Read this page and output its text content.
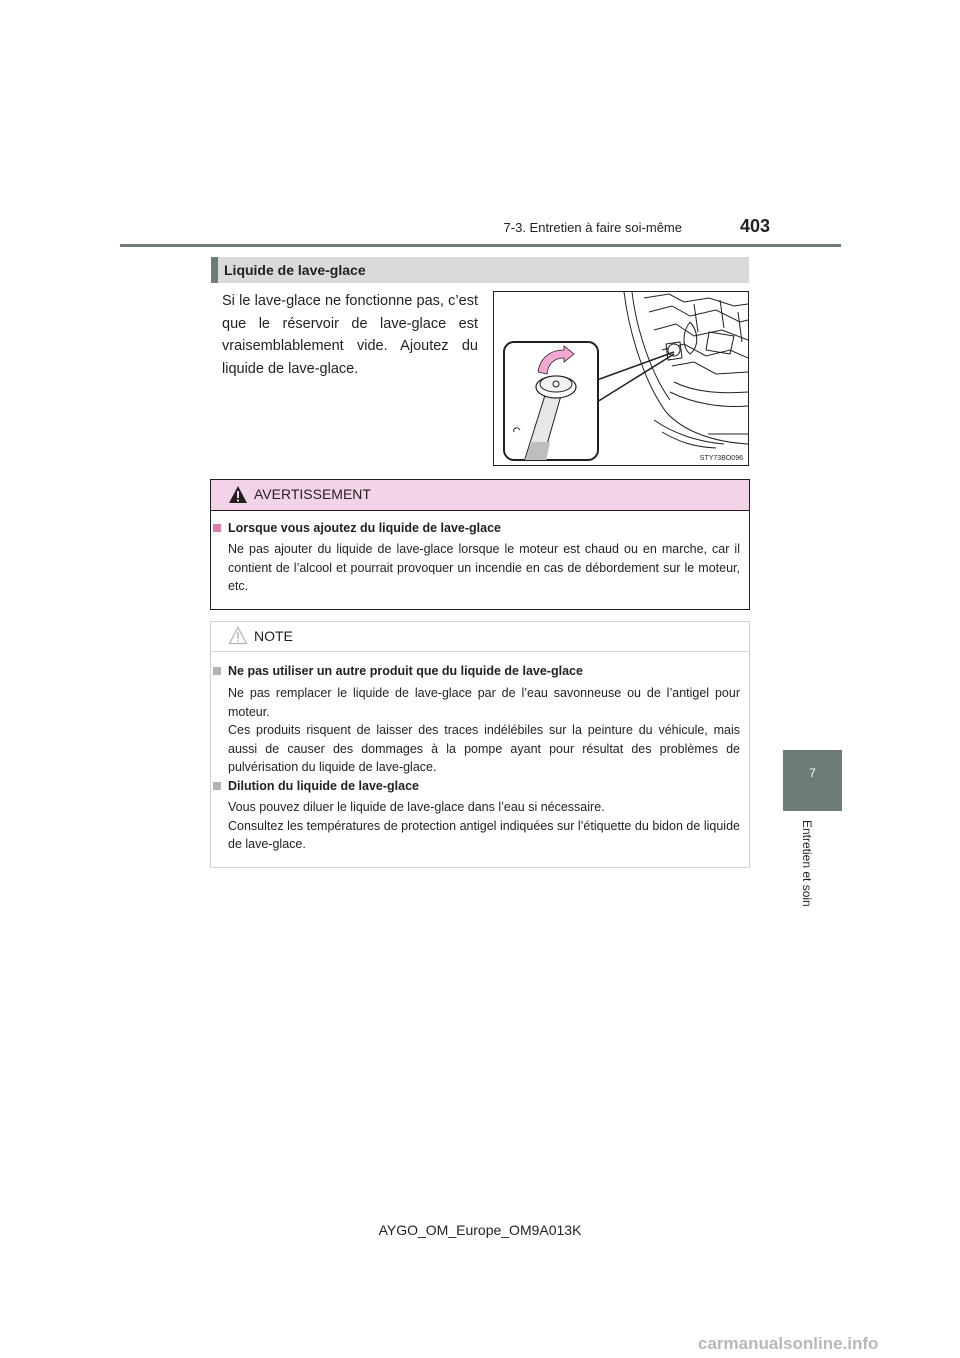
7-3. Entretien à faire soi-même	403
7
Entretien et soin
Liquide de lave-glace
Si le lave-glace ne fonctionne pas, c’est que le réservoir de lave-glace est vraisemblablement vide. Ajoutez du liquide de lave-glace.
STY73BO096
AVERTISSEMENT
Lorsque vous ajoutez du liquide de lave-glace

Ne pas ajouter du liquide de lave-glace lorsque le moteur est chaud ou en marche, car il contient de l’alcool et pourrait provoquer un incendie en cas de débordement sur le moteur, etc.

NOTE
Ne pas utiliser un autre produit que du liquide de lave-glace

Ne pas remplacer le liquide de lave-glace par de l’eau savonneuse ou de l’antigel pour moteur.

Ces produits risquent de laisser des traces indélébiles sur la peinture du véhicule, mais aussi de causer des dommages à la pompe ayant pour résultat des problèmes de pulvérisation du liquide de lave-glace.

Dilution du liquide de lave-glace

Vous pouvez diluer le liquide de lave-glace dans l’eau si nécessaire.

Consultez les températures de protection antigel indiquées sur l’étiquette du bidon de liquide de lave-glace.

AYGO_OM_Europe_OM9A013K
carmanualsonline.info
